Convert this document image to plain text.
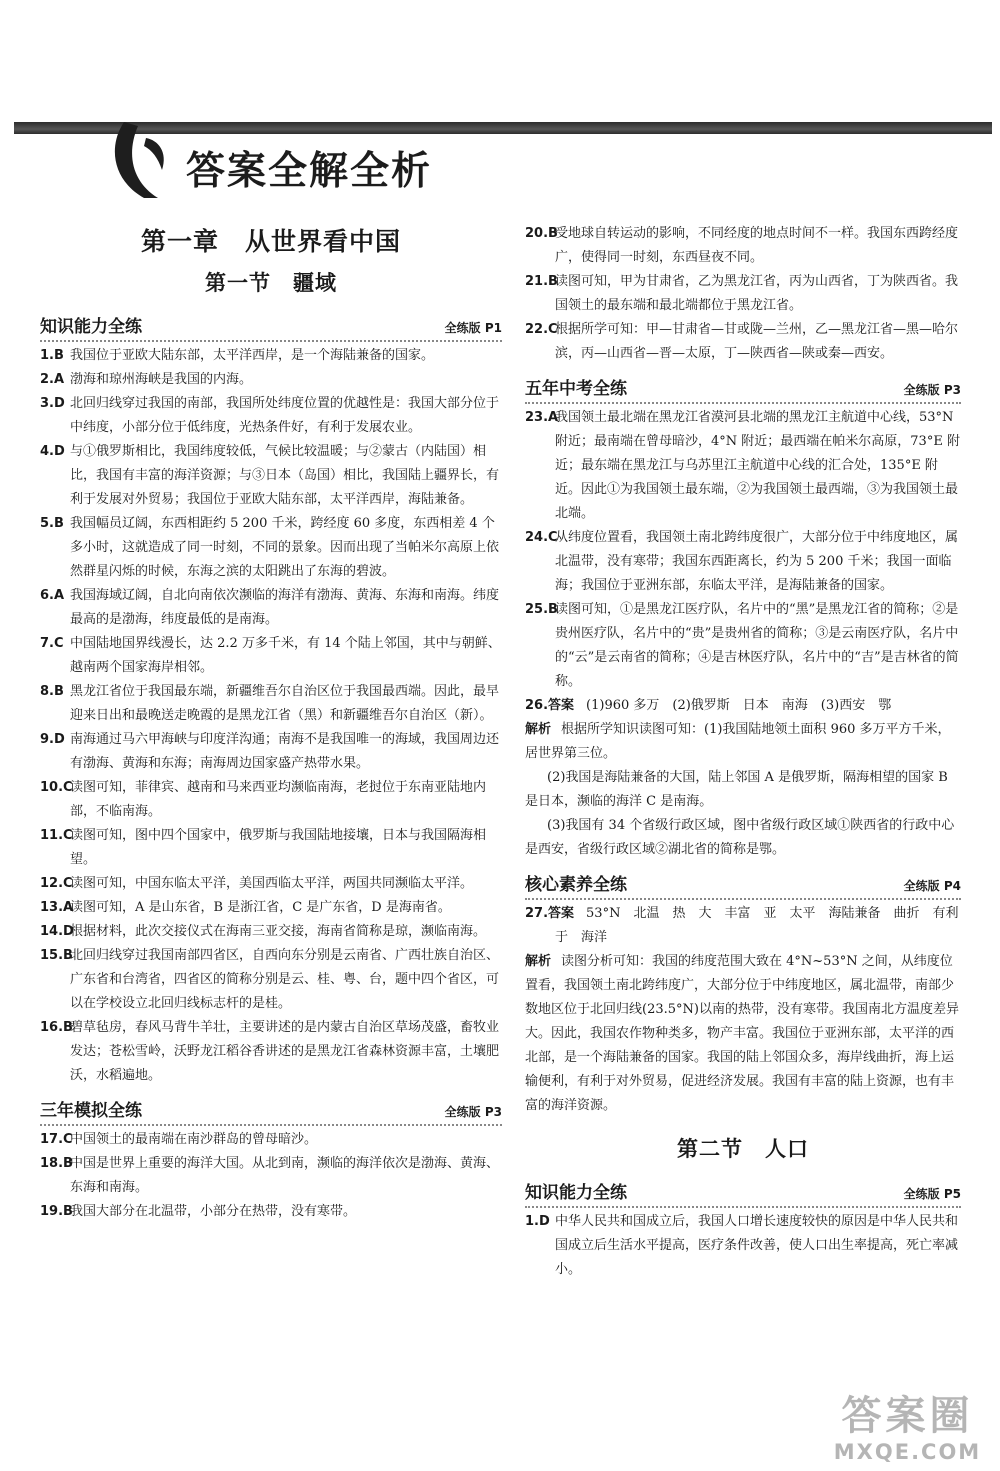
答案全解全析
第一章　从世界看中国
第一节　疆域
知识能力全练	全练版 P1
1.B 我国位于亚欧大陆东部，太平洋西岸，是一个海陆兼备的国家。
2.A 渤海和琼州海峡是我国的内海。
3.D 北回归线穿过我国的南部，我国所处纬度位置的优越性是：我国大部分位于中纬度，小部分位于低纬度，光热条件好，有利于发展农业。
4.D 与①俄罗斯相比，我国纬度较低，气候比较温暖；与②蒙古（内陆国）相比，我国有丰富的海洋资源；与③日本（岛国）相比，我国陆上疆界长，有利于发展对外贸易；我国位于亚欧大陆东部，太平洋西岸，海陆兼备。
5.B 我国幅员辽阔，东西相距约 5 200 千米，跨经度 60 多度，东西相差 4 个多小时，这就造成了同一时刻，不同的景象。因而出现了当帕米尔高原上依然群星闪烁的时候，东海之滨的太阳跳出了东海的碧波。
6.A 我国海域辽阔，自北向南依次濒临的海洋有渤海、黄海、东海和南海。纬度最高的是渤海，纬度最低的是南海。
7.C 中国陆地国界线漫长，达 2.2 万多千米，有 14 个陆上邻国，其中与朝鲜、越南两个国家海岸相邻。
8.B 黑龙江省位于我国最东端，新疆维吾尔自治区位于我国最西端。因此，最早迎来日出和最晚送走晚霞的是黑龙江省（黑）和新疆维吾尔自治区（新）。
9.D 南海通过马六甲海峡与印度洋沟通；南海不是我国唯一的海域，我国周边还有渤海、黄海和东海；南海周边国家盛产热带水果。
10.C读图可知，菲律宾、越南和马来西亚均濒临南海，老挝位于东南亚陆地内部，不临南海。
11.C读图可知，图中四个国家中，俄罗斯与我国陆地接壤，日本与我国隔海相望。
12.C读图可知，中国东临太平洋，美国西临太平洋，两国共同濒临太平洋。
13.A读图可知，A 是山东省，B 是浙江省，C 是广东省，D 是海南省。
14.D根据材料，此次交接仪式在海南三亚交接，海南省简称是琼，濒临南海。
15.B北回归线穿过我国南部四省区，自西向东分别是云南省、广西壮族自治区、广东省和台湾省，四省区的简称分别是云、桂、粤、台，题中四个省区，可以在学校设立北回归线标志杆的是桂。
16.B碧草毡房，春风马背牛羊壮，主要讲述的是内蒙古自治区草场茂盛，畜牧业发达；苍松雪岭，沃野龙江稻谷香讲述的是黑龙江省森林资源丰富，土壤肥沃，水稻遍地。
三年模拟全练	全练版 P3
17.C中国领土的最南端在南沙群岛的曾母暗沙。
18.B中国是世界上重要的海洋大国。从北到南，濒临的海洋依次是渤海、黄海、东海和南海。
19.B我国大部分在北温带，小部分在热带，没有寒带。
20.B受地球自转运动的影响，不同经度的地点时间不一样。我国东西跨经度广，使得同一时刻，东西昼夜不同。
21.B读图可知，甲为甘肃省，乙为黑龙江省，丙为山西省，丁为陕西省。我国领土的最东端和最北端都位于黑龙江省。
22.C根据所学可知：甲—甘肃省—甘或陇—兰州，乙—黑龙江省—黑—哈尔滨，丙—山西省—晋—太原，丁—陕西省—陕或秦—西安。
五年中考全练	全练版 P3
23.A我国领土最北端在黑龙江省漠河县北端的黑龙江主航道中心线，53°N 附近；最南端在曾母暗沙，4°N 附近；最西端在帕米尔高原，73°E 附近；最东端在黑龙江与乌苏里江主航道中心线的汇合处，135°E 附近。因此①为我国领土最东端，②为我国领土最西端，③为我国领土最北端。
24.C从纬度位置看，我国领土南北跨纬度很广，大部分位于中纬度地区，属北温带，没有寒带；我国东西距离长，约为 5 200 千米；我国一面临海；我国位于亚洲东部，东临太平洋，是海陆兼备的国家。
25.B读图可知，①是黑龙江医疗队，名片中的“黑”是黑龙江省的简称；②是贵州医疗队，名片中的“贵”是贵州省的简称；③是云南医疗队，名片中的“云”是云南省的简称；④是吉林医疗队，名片中的“吉”是吉林省的简称。
26.答案 (1)960 多万　(2)俄罗斯　日本　南海　(3)西安　鄂

解析 根据所学知识读图可知：(1)我国陆地领土面积 960 多万平方千米，居世界第三位。

(2)我国是海陆兼备的大国，陆上邻国 A 是俄罗斯，隔海相望的国家 B 是日本，濒临的海洋 C 是南海。

(3)我国有 34 个省级行政区域，图中省级行政区域①陕西省的行政中心是西安，省级行政区域②湖北省的简称是鄂。

核心素养全练	全练版 P4
27.答案 53°N　北温　热　大　丰富　亚　太平　海陆兼备　曲折　有利于　海洋

解析 读图分析可知：我国的纬度范围大致在 4°N~53°N 之间，从纬度位置看，我国领土南北跨纬度广，大部分位于中纬度地区，属北温带，南部少数地区位于北回归线(23.5°N)以南的热带，没有寒带。我国南北方温度差异大。因此，我国农作物种类多，物产丰富。我国位于亚洲东部，太平洋的西北部，是一个海陆兼备的国家。我国的陆上邻国众多，海岸线曲折，海上运输便利，有利于对外贸易，促进经济发展。我国有丰富的陆上资源，也有丰富的海洋资源。

第二节　人口
知识能力全练	全练版 P5
1.D 中华人民共和国成立后，我国人口增长速度较快的原因是中华人民共和国成立后生活水平提高，医疗条件改善，使人口出生率提高，死亡率减小。
答案圈
MXQE.COM
